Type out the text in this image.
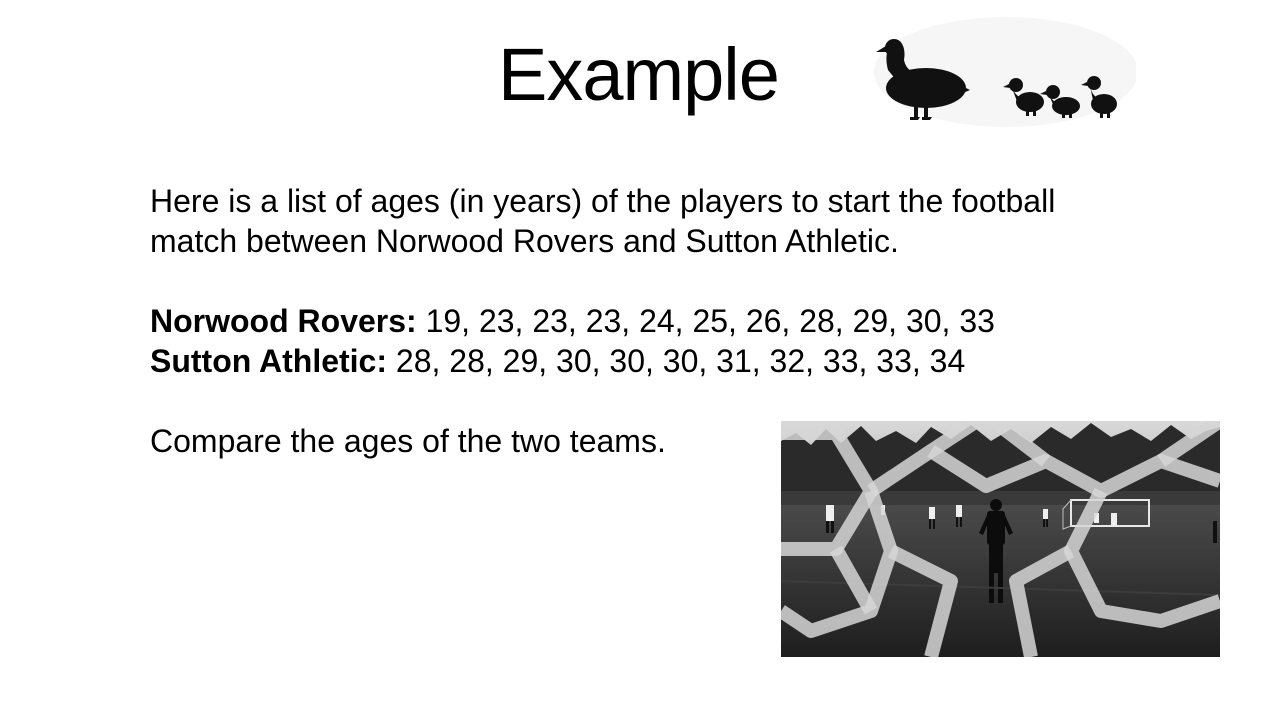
Example

Here is a list of ages (in years) of the players to start the football

match between Norwood Rovers and Sutton Athletic.

Norwood Rovers: 19, 23, 23, 23, 24, 25, 26, 28, 29, 30, 33

Sutton Athletic: 28, 28, 29, 30, 30, 30, 31, 32, 33, 33, 34

Compare the ages of the two teams.
